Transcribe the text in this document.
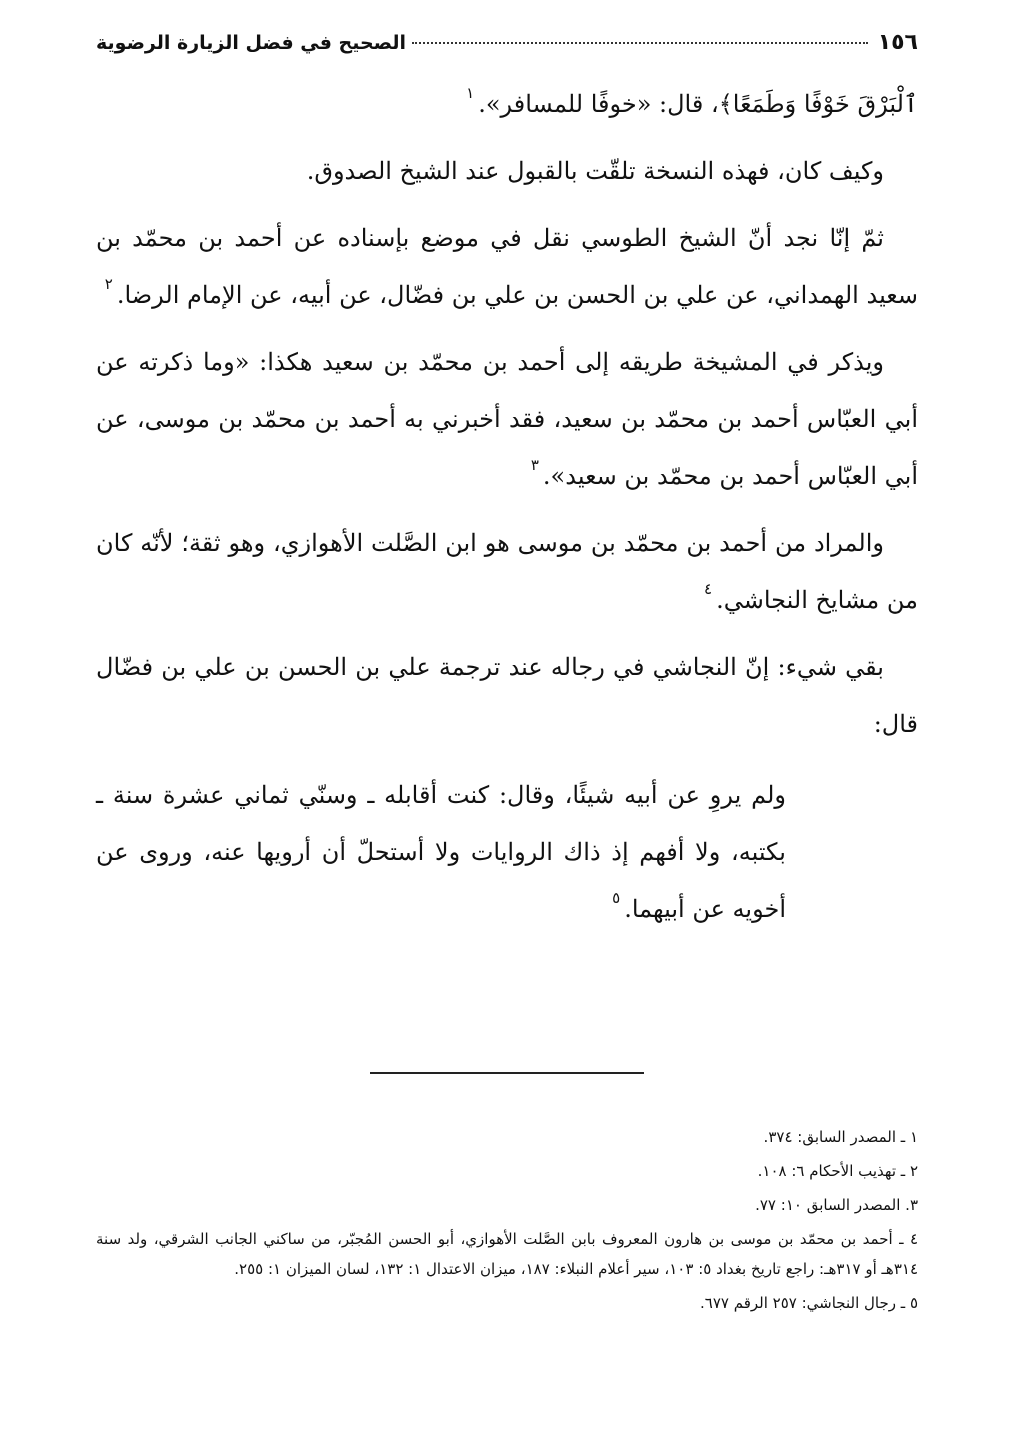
١٥٦
الصحيح في فضل الزيارة الرضوية

ٱلْبَرْقَ خَوْفًا وَطَمَعًا﴾، قال: «خوفًا للمسافر».$^١$

وكيف كان، فهذه النسخة تلقّت بالقبول عند الشيخ الصدوق.

ثمّ إنّا نجد أنّ الشيخ الطوسي نقل في موضع بإسناده عن أحمد بن محمّد بن سعيد الهمداني، عن علي بن الحسن بن علي بن فضّال، عن أبيه، عن الإمام الرضا.$^٢$

ويذكر في المشيخة طريقه إلى أحمد بن محمّد بن سعيد هكذا: «وما ذكرته عن أبي العبّاس أحمد بن محمّد بن سعيد، فقد أخبرني به أحمد بن محمّد بن موسى، عن أبي العبّاس أحمد بن محمّد بن سعيد».$^٣$

والمراد من أحمد بن محمّد بن موسى هو ابن الصَّلت الأهوازي، وهو ثقة؛ لأنّه كان من مشايخ النجاشي.$^٤$

بقي شيء: إنّ النجاشي في رجاله عند ترجمة علي بن الحسن بن علي بن فضّال قال:

ولم يروِ عن أبيه شيئًا، وقال: كنت أقابله ـ وسنّي ثماني عشرة سنة ـ بكتبه، ولا أفهم إذ ذاك الروايات ولا أستحلّ أن أرويها عنه، وروى عن أخويه عن أبيهما.$^٥$

١ ـ المصدر السابق: ٣٧٤.

٢ ـ تهذيب الأحكام ٦: ١٠٨.

٣. المصدر السابق ١٠: ٧٧.

٤ ـ أحمد بن محمّد بن موسى بن هارون المعروف بابن الصَّلت الأهوازي، أبو الحسن المُجبّر، من ساكني الجانب الشرقي، ولد سنة ٣١٤هـ أو ٣١٧هـ: راجع تاريخ بغداد ٥: ١٠٣، سير أعلام النبلاء: ١٨٧، ميزان الاعتدال ١: ١٣٢، لسان الميزان ١: ٢٥٥.

٥ ـ رجال النجاشي: ٢٥٧ الرقم ٦٧٧.
